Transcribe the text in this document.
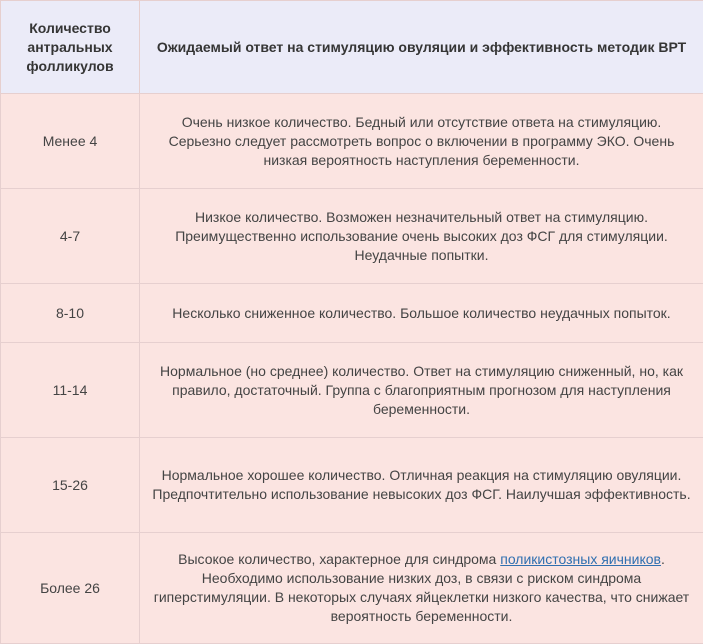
Количество антральных фолликулов	Ожидаемый ответ на стимуляцию овуляции и эффективность методик ВРТ
Менее 4	Очень низкое количество. Бедный или отсутствие ответа на стимуляцию. Серьезно следует рассмотреть вопрос о включении в программу ЭКО. Очень низкая вероятность наступления беременности.
4-7	Низкое количество. Возможен незначительный ответ на стимуляцию. Преимущественно использование очень высоких доз ФСГ для стимуляции. Неудачные попытки.
8-10	Несколько сниженное количество. Большое количество неудачных попыток.
11-14	Нормальное (но среднее) количество. Ответ на стимуляцию сниженный, но, как правило, достаточный. Группа с благоприятным прогнозом для наступления беременности.
15-26	Нормальное хорошее количество. Отличная реакция на стимуляцию овуляции. Предпочтительно использование невысоких доз ФСГ. Наилучшая эффективность.
Более 26	Высокое количество, характерное для синдрома поликистозных яичников. Необходимо использование низких доз, в связи с риском синдрома гиперстимуляции. В некоторых случаях яйцеклетки низкого качества, что снижает вероятность беременности.
